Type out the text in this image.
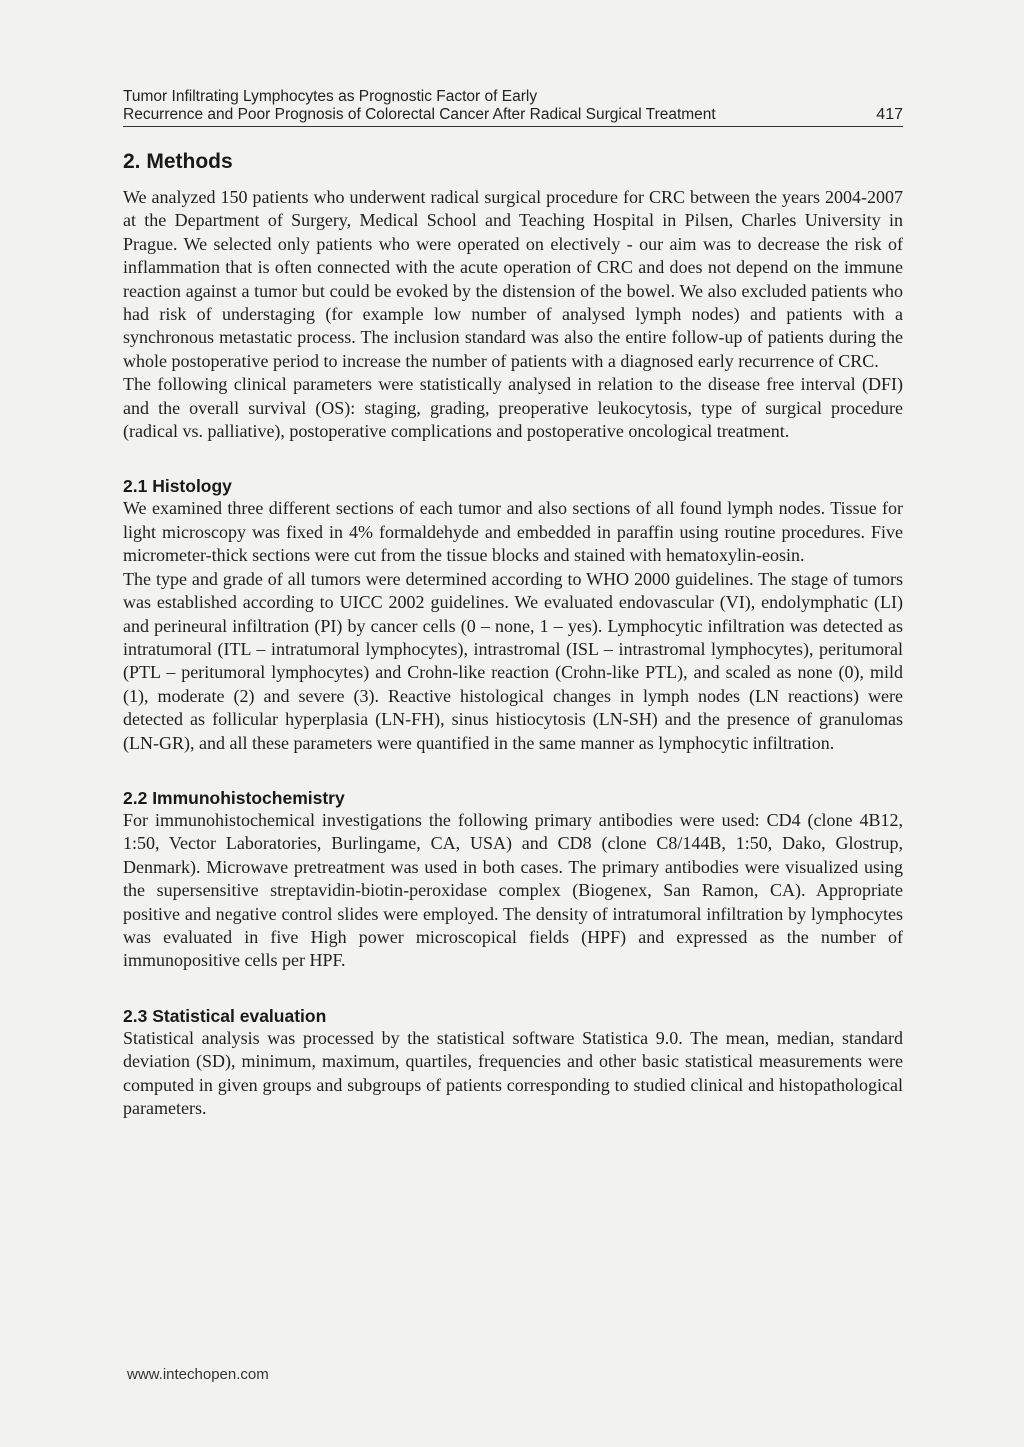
Tumor Infiltrating Lymphocytes as Prognostic Factor of Early
Recurrence and Poor Prognosis of Colorectal Cancer After Radical Surgical Treatment	417
2. Methods

We analyzed 150 patients who underwent radical surgical procedure for CRC between the years 2004-2007 at the Department of Surgery, Medical School and Teaching Hospital in Pilsen, Charles University in Prague. We selected only patients who were operated on electively - our aim was to decrease the risk of inflammation that is often connected with the acute operation of CRC and does not depend on the immune reaction against a tumor but could be evoked by the distension of the bowel. We also excluded patients who had risk of understaging (for example low number of analysed lymph nodes) and patients with a synchronous metastatic process. The inclusion standard was also the entire follow-up of patients during the whole postoperative period to increase the number of patients with a diagnosed early recurrence of CRC.

The following clinical parameters were statistically analysed in relation to the disease free interval (DFI) and the overall survival (OS): staging, grading, preoperative leukocytosis, type of surgical procedure (radical vs. palliative), postoperative complications and postoperative oncological treatment.

2.1 Histology

We examined three different sections of each tumor and also sections of all found lymph nodes. Tissue for light microscopy was fixed in 4% formaldehyde and embedded in paraffin using routine procedures. Five micrometer-thick sections were cut from the tissue blocks and stained with hematoxylin-eosin.

The type and grade of all tumors were determined according to WHO 2000 guidelines. The stage of tumors was established according to UICC 2002 guidelines. We evaluated endovascular (VI), endolymphatic (LI) and perineural infiltration (PI) by cancer cells (0 – none, 1 – yes). Lymphocytic infiltration was detected as intratumoral (ITL – intratumoral lymphocytes), intrastromal (ISL – intrastromal lymphocytes), peritumoral (PTL – peritumoral lymphocytes) and Crohn-like reaction (Crohn-like PTL), and scaled as none (0), mild (1), moderate (2) and severe (3). Reactive histological changes in lymph nodes (LN reactions) were detected as follicular hyperplasia (LN-FH), sinus histiocytosis (LN-SH) and the presence of granulomas (LN-GR), and all these parameters were quantified in the same manner as lymphocytic infiltration.

2.2 Immunohistochemistry

For immunohistochemical investigations the following primary antibodies were used: CD4 (clone 4B12, 1:50, Vector Laboratories, Burlingame, CA, USA) and CD8 (clone C8/144B, 1:50, Dako, Glostrup, Denmark). Microwave pretreatment was used in both cases. The primary antibodies were visualized using the supersensitive streptavidin-biotin-peroxidase complex (Biogenex, San Ramon, CA). Appropriate positive and negative control slides were employed. The density of intratumoral infiltration by lymphocytes was evaluated in five High power microscopical fields (HPF) and expressed as the number of immunopositive cells per HPF.

2.3 Statistical evaluation

Statistical analysis was processed by the statistical software Statistica 9.0. The mean, median, standard deviation (SD), minimum, maximum, quartiles, frequencies and other basic statistical measurements were computed in given groups and subgroups of patients corresponding to studied clinical and histopathological parameters.

www.intechopen.com
